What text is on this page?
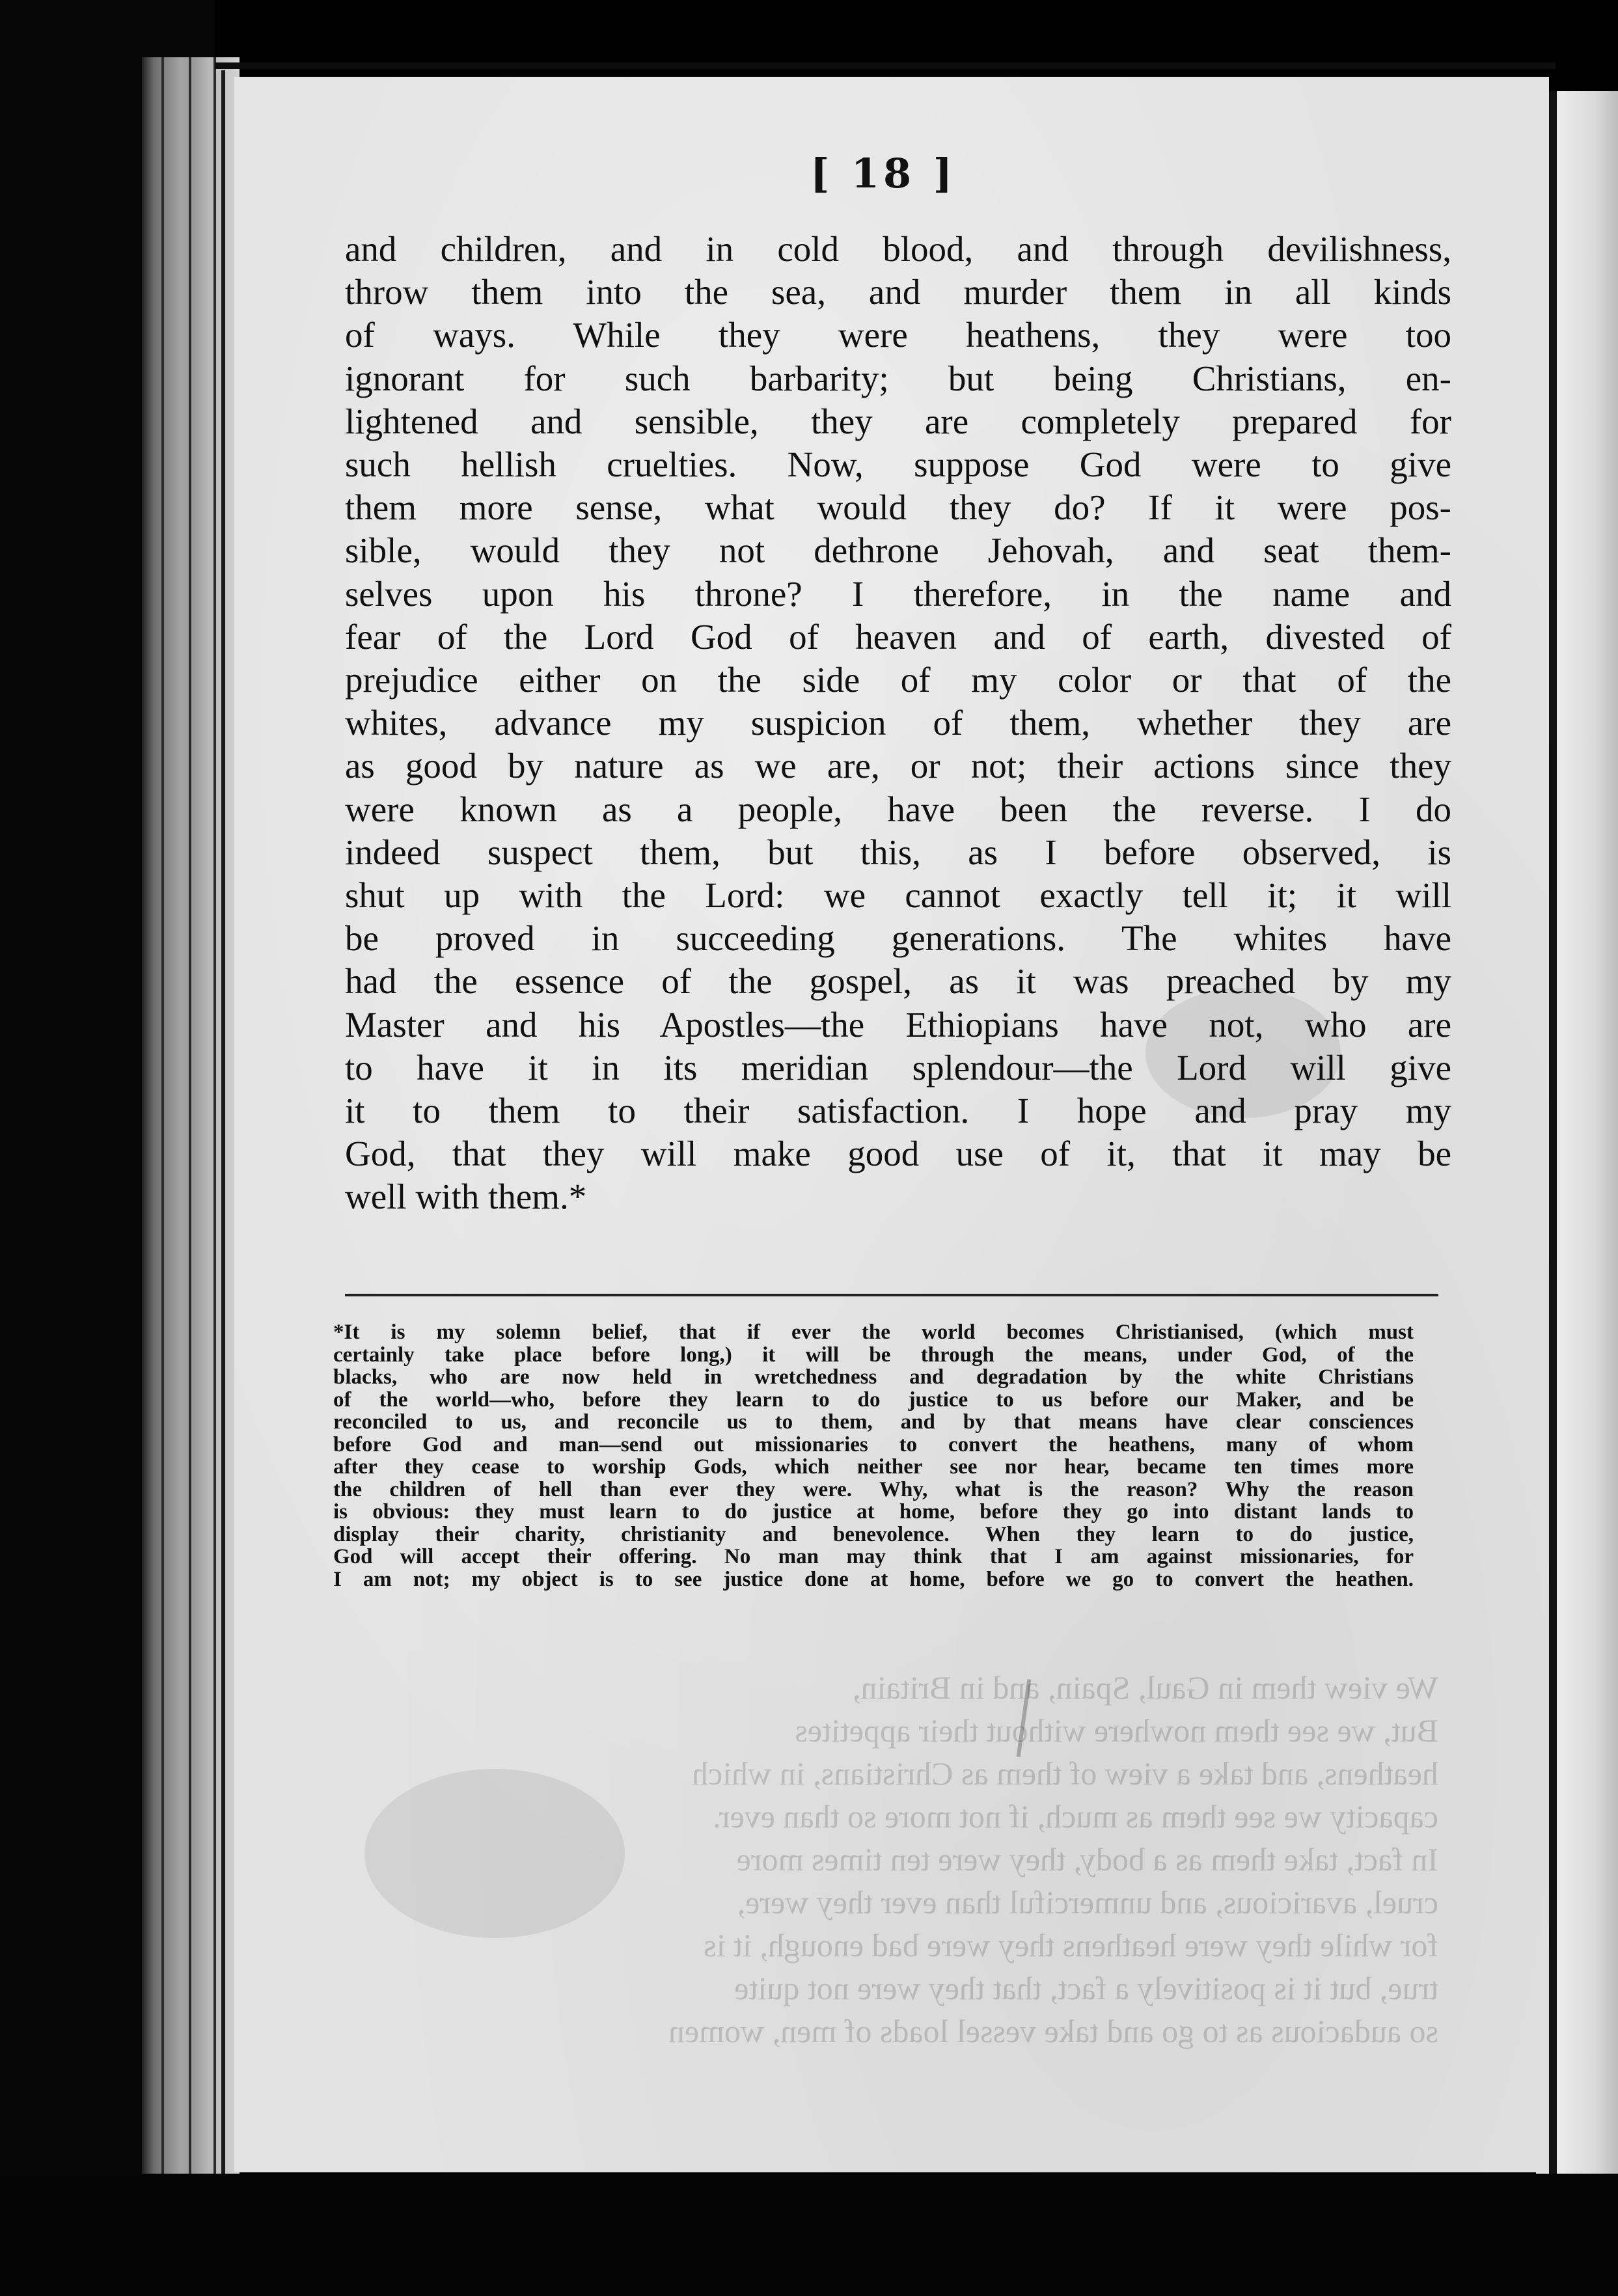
[ 18 ]
and children, and in cold blood, and through devilishness,
throw them into the sea, and murder them in all kinds
of ways. While they were heathens, they were too
ignorant for such barbarity; but being Christians, en-
lightened and sensible, they are completely prepared for
such hellish cruelties. Now, suppose God were to give
them more sense, what would they do? If it were pos-
sible, would they not dethrone Jehovah, and seat them-
selves upon his throne? I therefore, in the name and
fear of the Lord God of heaven and of earth, divested of
prejudice either on the side of my color or that of the
whites, advance my suspicion of them, whether they are
as good by nature as we are, or not; their actions since they
were known as a people, have been the reverse. I do
indeed suspect them, but this, as I before observed, is
shut up with the Lord: we cannot exactly tell it; it will
be proved in succeeding generations. The whites have
had the essence of the gospel, as it was preached by my
Master and his Apostles—the Ethiopians have not, who are
to have it in its meridian splendour—the Lord will give
it to them to their satisfaction. I hope and pray my
God, that they will make good use of it, that it may be
well with them.*
*It is my solemn belief, that if ever the world becomes Christianised, (which must
certainly take place before long,) it will be through the means, under God, of the
blacks, who are now held in wretchedness and degradation by the white Christians
of the world—who, before they learn to do justice to us before our Maker, and be
reconciled to us, and reconcile us to them, and by that means have clear consciences
before God and man—send out missionaries to convert the heathens, many of whom
after they cease to worship Gods, which neither see nor hear, became ten times more
the children of hell than ever they were. Why, what is the reason? Why the reason
is obvious: they must learn to do justice at home, before they go into distant lands to
display their charity, christianity and benevolence. When they learn to do justice,
God will accept their offering. No man may think that I am against missionaries, for
I am not; my object is to see justice done at home, before we go to convert the heathen.
We view them in Gaul, Spain, and in Britain,
But, we see them nowhere without their appetites
heathens, and take a view of them as Christians, in which
capacity we see them as much, if not more so than ever.
In fact, take them as a body, they were ten times more
cruel, avaricious, and unmerciful than ever they were,
for while they were heathens they were bad enough, it is
true, but it is positively a fact, that they were not quite
so audacious as to go and take vessel loads of men, women
